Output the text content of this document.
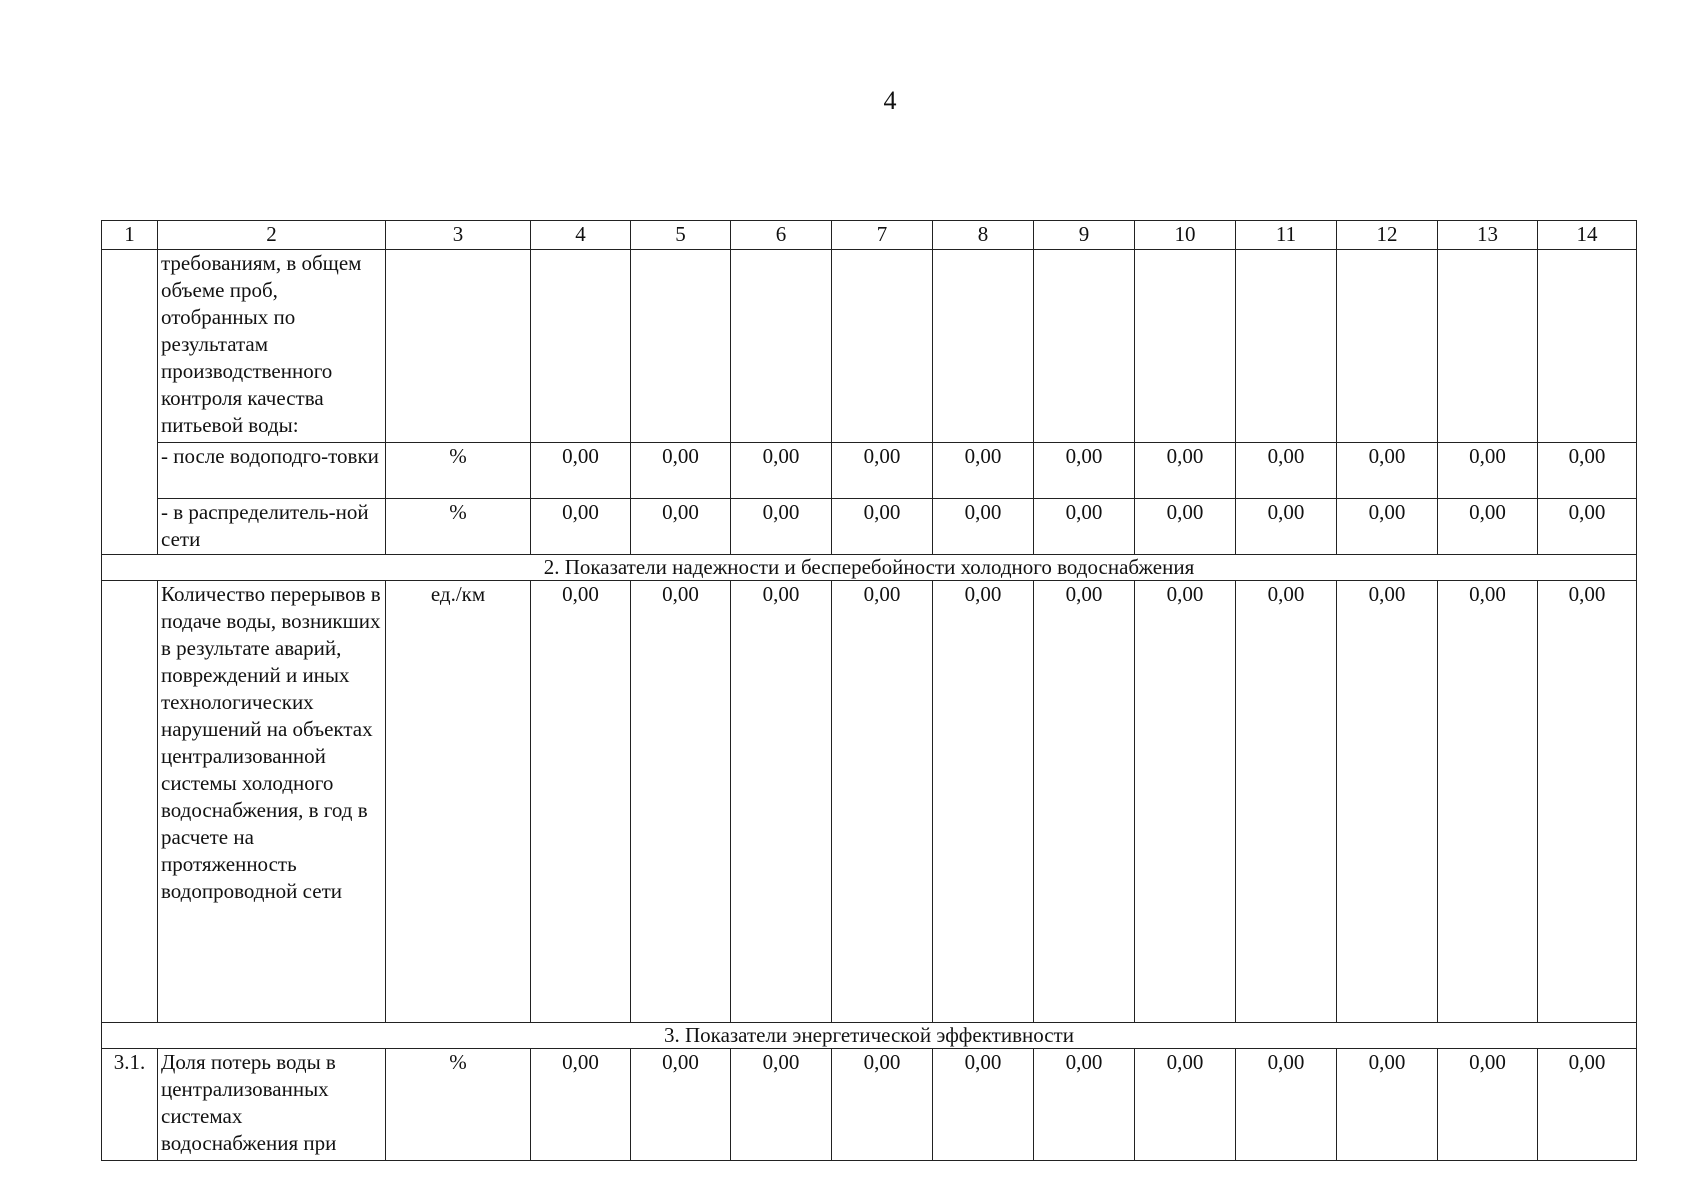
4
1	2	3	4	5	6	7	8	9	10	11	12	13	14	
	требованиям, в общем объеме проб, отобранных по результатам производственного контроля качества питьевой воды:													
	- после водоподго-товки	%	0,00	0,00	0,00	0,00	0,00	0,00	0,00	0,00	0,00	0,00	0,00	
	- в распределитель-ной сети	%	0,00	0,00	0,00	0,00	0,00	0,00	0,00	0,00	0,00	0,00	0,00	
2. Показатели надежности и бесперебойности холодного водоснабжения														
	Количество перерывов в подаче воды, возникших в результате аварий, повреждений и иных технологических нарушений на объектах централизованной системы холодного водоснабжения, в год в расчете на протяженность водопроводной сети	ед./км	0,00	0,00	0,00	0,00	0,00	0,00	0,00	0,00	0,00	0,00	0,00	
3. Показатели энергетической эффективности														
3.1.	Доля потерь воды в централизованных системах водоснабжения при	%	0,00	0,00	0,00	0,00	0,00	0,00	0,00	0,00	0,00	0,00	0,00	
